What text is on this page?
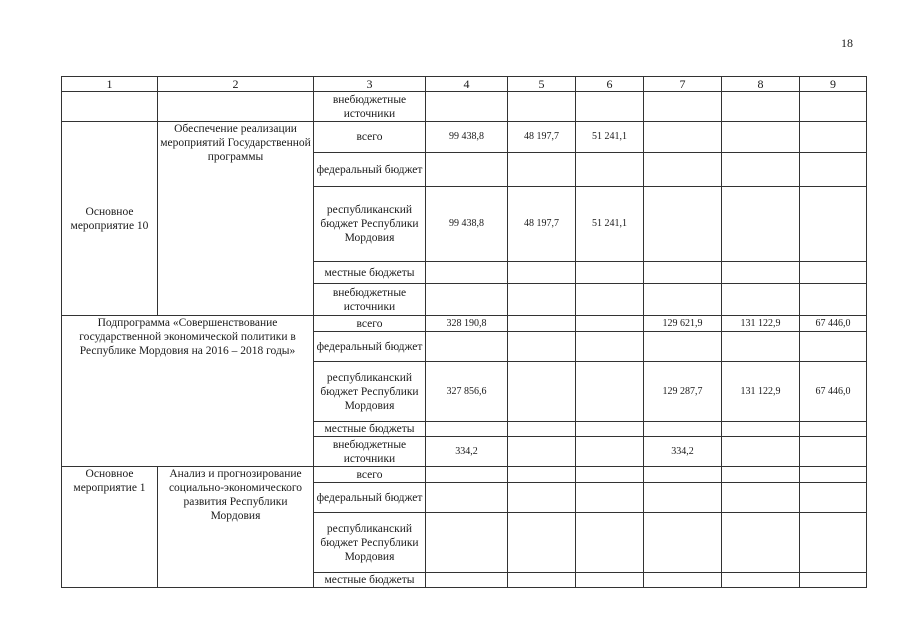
18
1	2	3	4	5	6	7	8	9
		внебюджетные источники						
Основное мероприятие 10	Обеспечение реализации мероприятий Государственной программы	всего	99 438,8	48 197,7	51 241,1			
		федеральный бюджет						
		республиканский бюджет Республики Мордовия	99 438,8	48 197,7	51 241,1			
		местные бюджеты						
		внебюджетные источники						
Подпрограмма «Совершенствование государственной экономической политики в Республике Мордовия на 2016 – 2018 годы»		всего	328 190,8			129 621,9	131 122,9	67 446,0
		федеральный бюджет						
		республиканский бюджет Республики Мордовия	327 856,6			129 287,7	131 122,9	67 446,0
		местные бюджеты						
		внебюджетные источники	334,2			334,2		
Основное мероприятие 1	Анализ и прогнозирование социально-экономического развития Республики Мордовия	всего						
		федеральный бюджет						
		республиканский бюджет Республики Мордовия						
		местные бюджеты						
